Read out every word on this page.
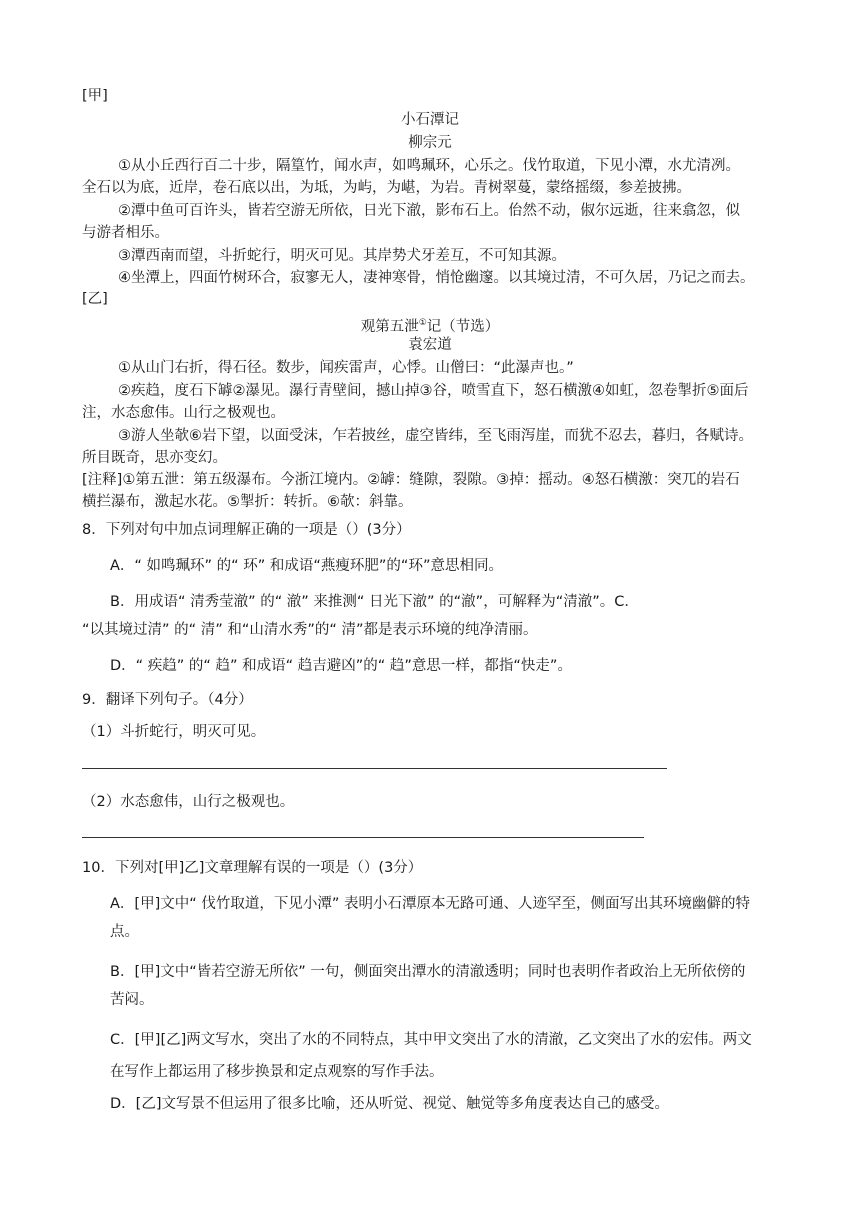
[甲]
小石潭记
柳宗元
①从小丘西行百二十步，隔篁竹，闻水声，如鸣珮环，心乐之。伐竹取道，下见小潭，水尤清冽。
全石以为底，近岸，卷石底以出，为坻，为屿，为嵁，为岩。青树翠蔓，蒙络摇缀，参差披拂。
②潭中鱼可百许头，皆若空游无所依，日光下澈，影布石上。佁然不动，俶尔远逝，往来翕忽，似
与游者相乐。
③潭西南而望，斗折蛇行，明灭可见。其岸势犬牙差互，不可知其源。
④坐潭上，四面竹树环合，寂寥无人，凄神寒骨，悄怆幽邃。以其境过清，不可久居，乃记之而去。
[乙]
观第五泄①记（节选）
袁宏道
①从山门右折，得石径。数步，闻疾雷声，心悸。山僧曰：“此瀑声也。”
②疾趋，度石下罅②瀑见。瀑行青壁间，撼山掉③谷，喷雪直下，怒石横激④如虹，忽卷掣折⑤面后
注，水态愈伟。山行之极观也。
③游人坐欹⑥岩下望，以面受沫，乍若披丝，虚空皆纬，至飞雨泻崖，而犹不忍去，暮归，各赋诗。
所目既奇，思亦变幻。
[注释]①第五泄：第五级瀑布。今浙江境内。②罅：缝隙，裂隙。③掉：摇动。④怒石横激：突兀的岩石
横拦瀑布，激起水花。⑤掣折：转折。⑥欹：斜靠。
8．下列对句中加点词理解正确的一项是（）(3分）
A．“ 如鸣珮环” 的“ 环” 和成语“燕瘦环肥”的“环”意思相同。
B．用成语“ 清秀莹澈” 的“ 澈” 来推测“ 日光下澈” 的“澈”，可解释为“清澈”。C．
“以其境过清” 的“ 清” 和“山清水秀”的“ 清”都是表示环境的纯净清丽。
D．“ 疾趋” 的“ 趋” 和成语“ 趋吉避凶”的“ 趋”意思一样，都指“快走”。
9．翻译下列句子。（4分）
（1）斗折蛇行，明灭可见。
（2）水态愈伟，山行之极观也。
10．下列对[甲]乙]文章理解有误的一项是（）(3分）
A．[甲]文中“ 伐竹取道，下见小潭” 表明小石潭原本无路可通、人迹罕至，侧面写出其环境幽僻的特
点。
B．[甲]文中“皆若空游无所依” 一句，侧面突出潭水的清澈透明；同时也表明作者政治上无所依傍的
苦闷。
C．[甲][乙]两文写水，突出了水的不同特点，其中甲文突出了水的清澈，乙文突出了水的宏伟。两文
在写作上都运用了移步换景和定点观察的写作手法。
D．[乙]文写景不但运用了很多比喻，还从听觉、视觉、触觉等多角度表达自己的感受。
